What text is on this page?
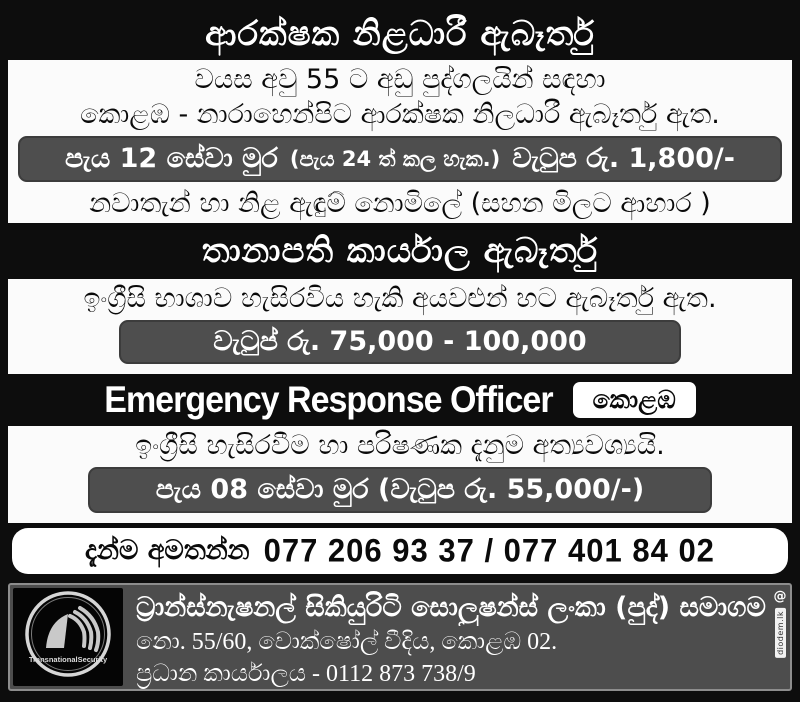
ආරක්ෂක නිළධාරී ඇබෑර්තු
වයස අවු 55 ට අඩු පුද්ගලයින් සඳහා
කොළඹ - නාරාහෙන්පිට ආරක්ෂක නිලධාරී ඇබෑර්තු ඇත.
පැය 12 සේවා මුර (පැය 24 ත් කල හැක.) වැටුප රු. 1,800/-
නවාතැන් හා නිළ ඇඳුම් නොමිලේ (සහන මිලට ආහාර )
තානාපති කාර්යාල ඇබෑර්තු
ඉංග්‍රීසි භාශාව හැසිරවිය හැකි අයවළුන් හට ඇබෑර්තු ඇත.
වැටුප් රු. 75,000 - 100,000
Emergency Response Officer	කොළඹ
ඉංග්‍රීසි හැසිරවීම හා පරිෂණක දැනුම අත්‍යවශ්‍යයි.
පැය 08 සේවා මුර (වැටුප රු. 55,000/-)
දැන්ම අමතන්න 077 206 93 37 / 077 401 84 02
TransnationalSecurity
ට්‍රාන්ස්නැෂනල් සිකියුරිටි සොලුෂන්ස් ලංකා (පුද්) සමාගම
නො. 55/60, වොක්ෂෝල් වීදිය, කොළඹ 02.
ප්‍රධාන කාර්යාලය - 0112 873 738/9
@
diodem.lk
